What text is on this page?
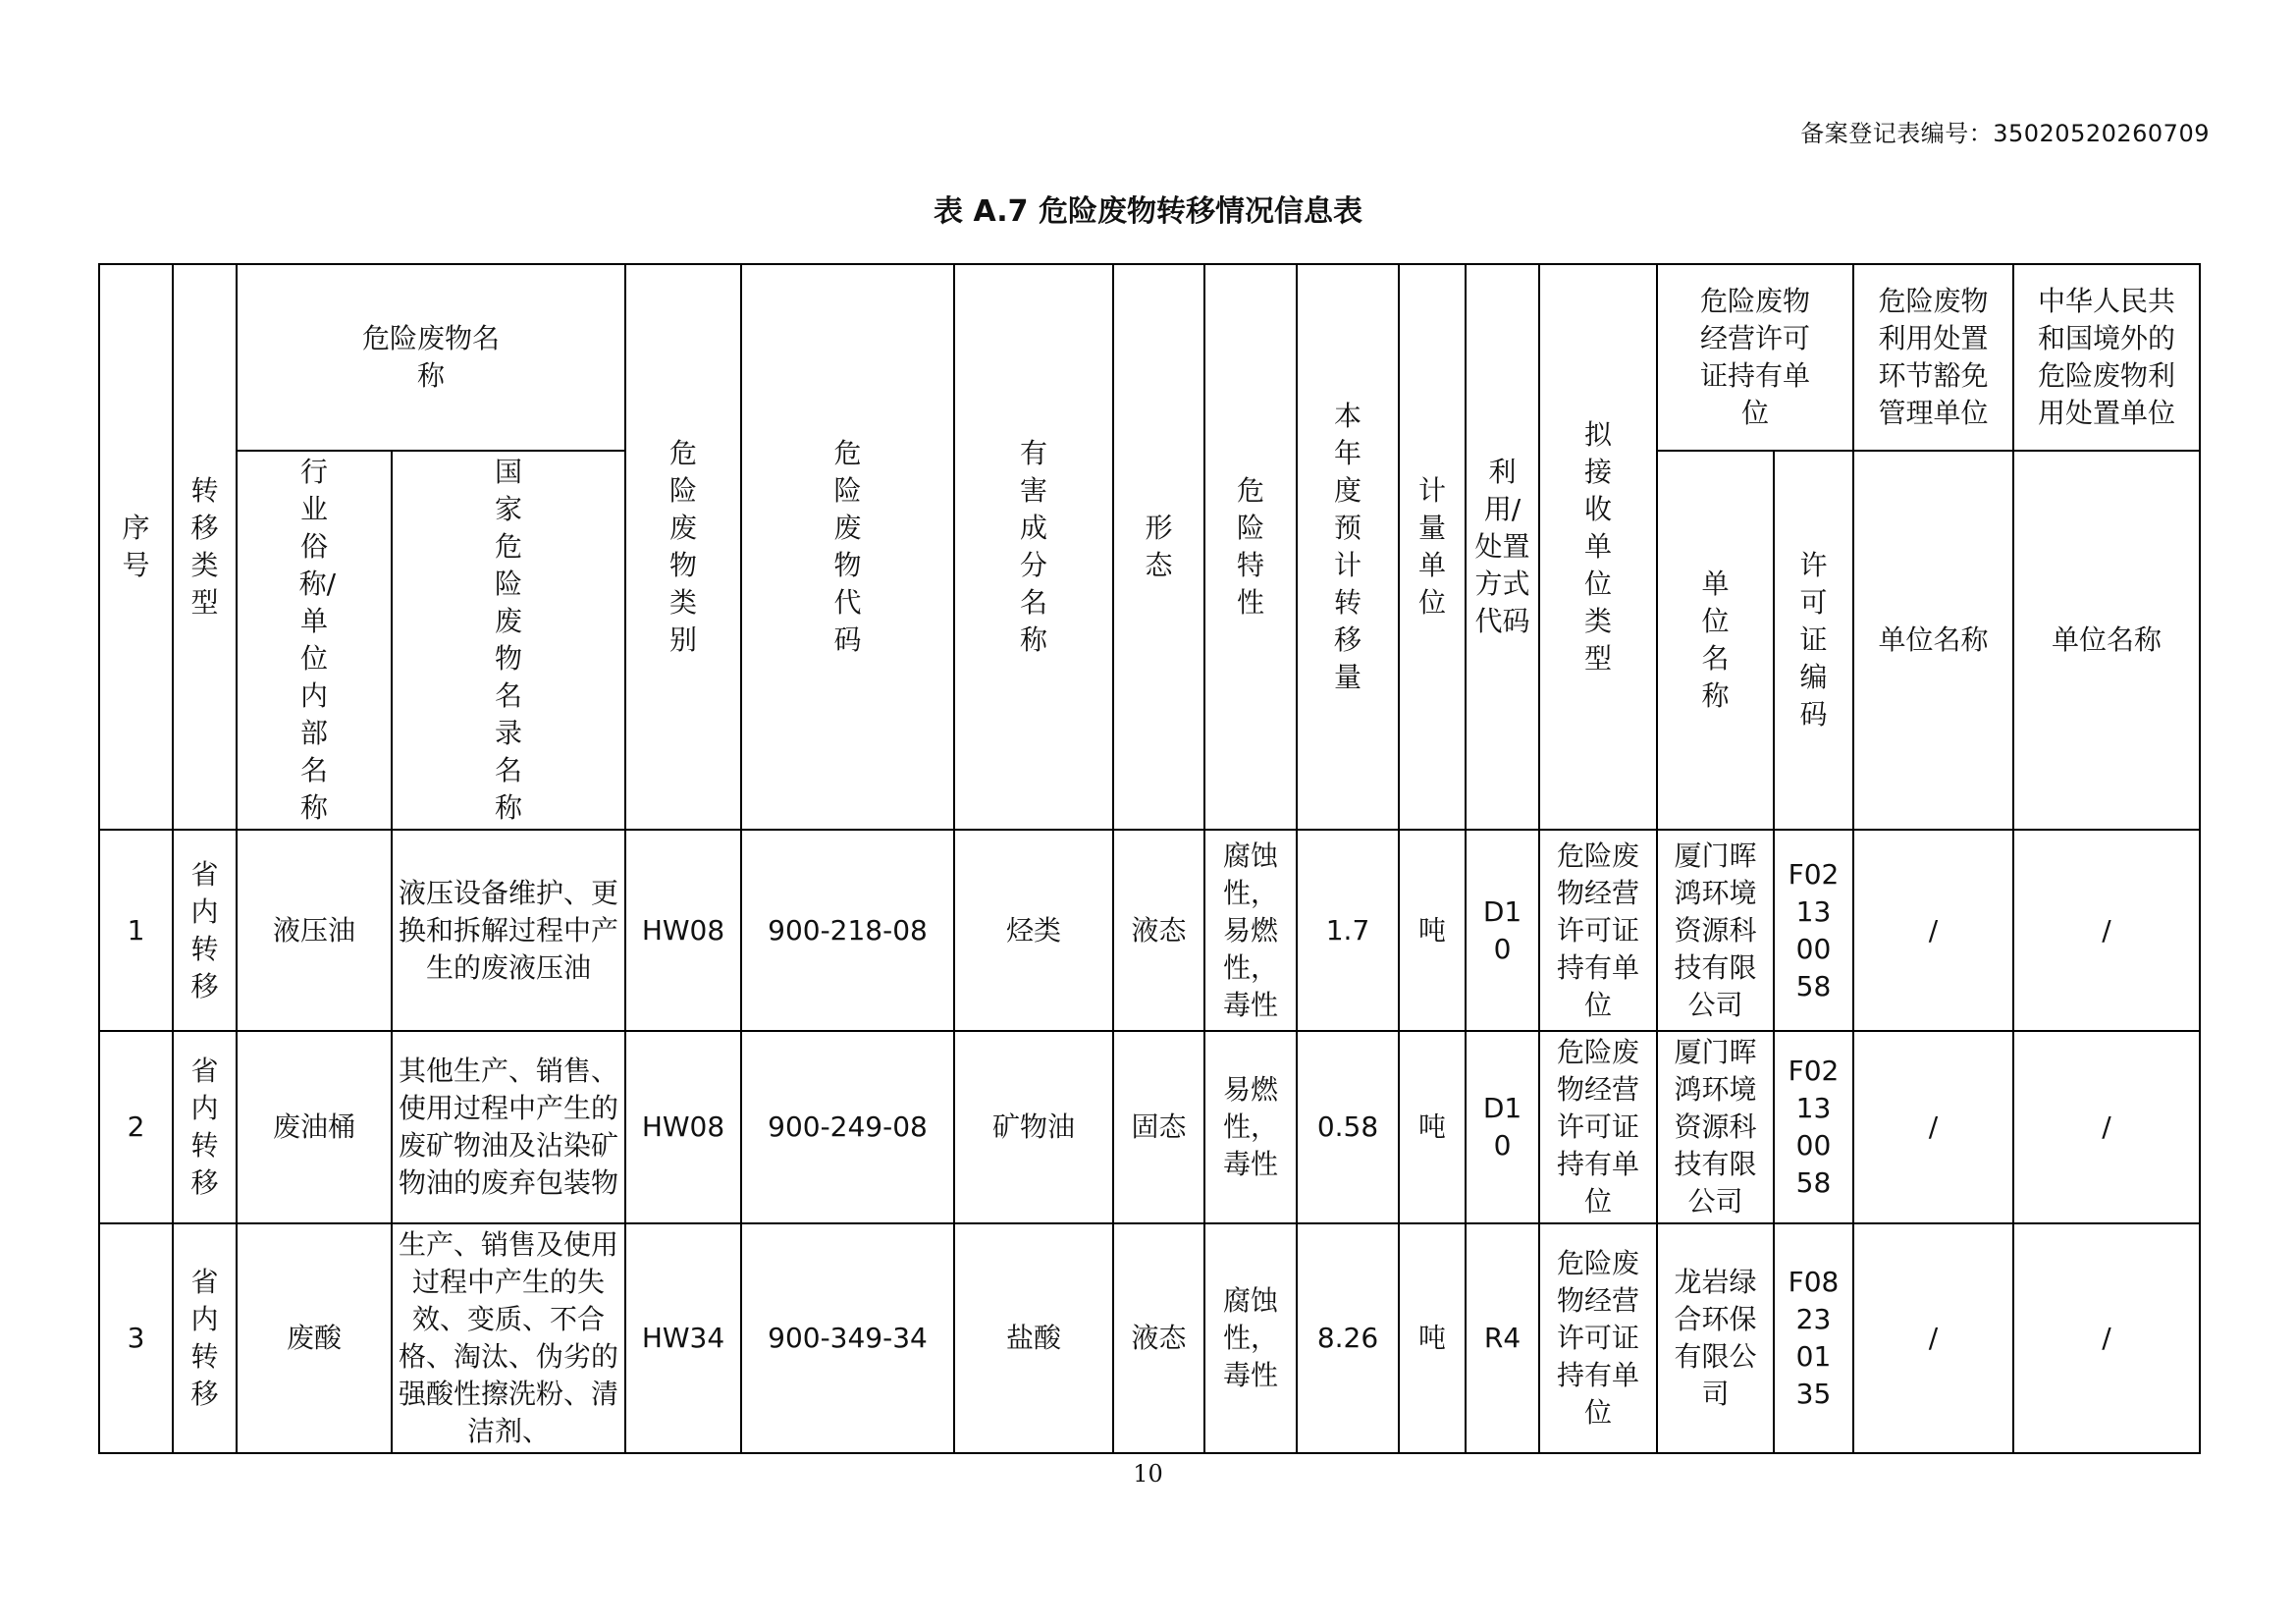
备案登记表编号：35020520260709
表 A.7 危险废物转移情况信息表
序号	转移类型	危险废物名称		危险废物类别	危险废物代码	有害成分名称	形态	危险特性	本年度预计转移量	计量单位	利用/处置方式代码	拟接收单位类型	危险废物经营许可证持有单位		危险废物利用处置环节豁免管理单位	中华人民共和国境外的危险废物利用处置单位
		行业俗称/单位内部名称	国家危险废物名录名称										单位名称	许可证编码	单位名称	单位名称
1	省内转移	液压油	液压设备维护、更换和拆解过程中产生的废液压油	HW08	900-218-08	烃类	液态	腐蚀性，易燃性，毒性	1.7	吨	D10	危险废物经营许可证持有单位	厦门晖鸿环境资源科技有限公司	F02130058	/	/
2	省内转移	废油桶	其他生产、销售、使用过程中产生的废矿物油及沾染矿物油的废弃包装物	HW08	900-249-08	矿物油	固态	易燃性，毒性	0.58	吨	D10	危险废物经营许可证持有单位	厦门晖鸿环境资源科技有限公司	F02130058	/	/
3	省内转移	废酸	生产、销售及使用过程中产生的失效、变质、不合格、淘汰、伪劣的强酸性擦洗粉、清洁剂、	HW34	900-349-34	盐酸	液态	腐蚀性，毒性	8.26	吨	R4	危险废物经营许可证持有单位	龙岩绿合环保有限公司	F08230135	/	/
10
